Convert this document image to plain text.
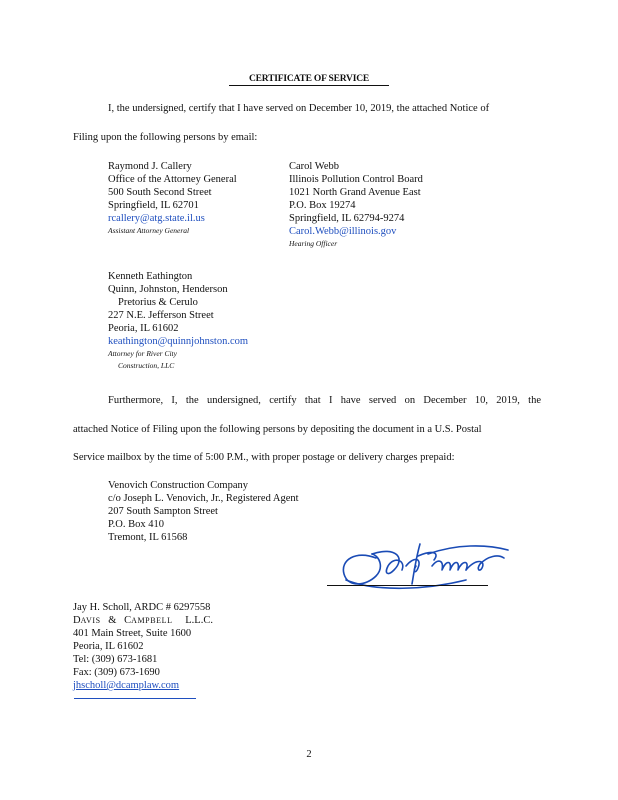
CERTIFICATE OF SERVICE
I, the undersigned, certify that I have served on December 10, 2019, the attached Notice of
Filing upon the following persons by email:
Raymond J. Callery
Office of the Attorney General
500 South Second Street
Springfield, IL 62701
rcallery@atg.state.il.us
Assistant Attorney General
Carol Webb
Illinois Pollution Control Board
1021 North Grand Avenue East
P.O. Box 19274
Springfield, IL 62794-9274
Carol.Webb@illinois.gov
Hearing Officer
Kenneth Eathington
Quinn, Johnston, Henderson
Pretorius & Cerulo
227 N.E. Jefferson Street
Peoria, IL 61602
keathington@quinnjohnston.com
Attorney for River City
Construction, LLC
Furthermore, I, the undersigned, certify that I have served on December 10, 2019, the
attached Notice of Filing upon the following persons by depositing the document in a U.S. Postal
Service mailbox by the time of 5:00 P.M., with proper postage or delivery charges prepaid:
Venovich Construction Company
c/o Joseph L. Venovich, Jr., Registered Agent
207 South Sampton Street
P.O. Box 410
Tremont, IL 61568
Jay H. Scholl, ARDC # 6297558
DAVIS & CAMPBELL L.L.C.
401 Main Street, Suite 1600
Peoria, IL 61602
Tel: (309) 673-1681
Fax: (309) 673-1690
jhscholl@dcamplaw.com
2
